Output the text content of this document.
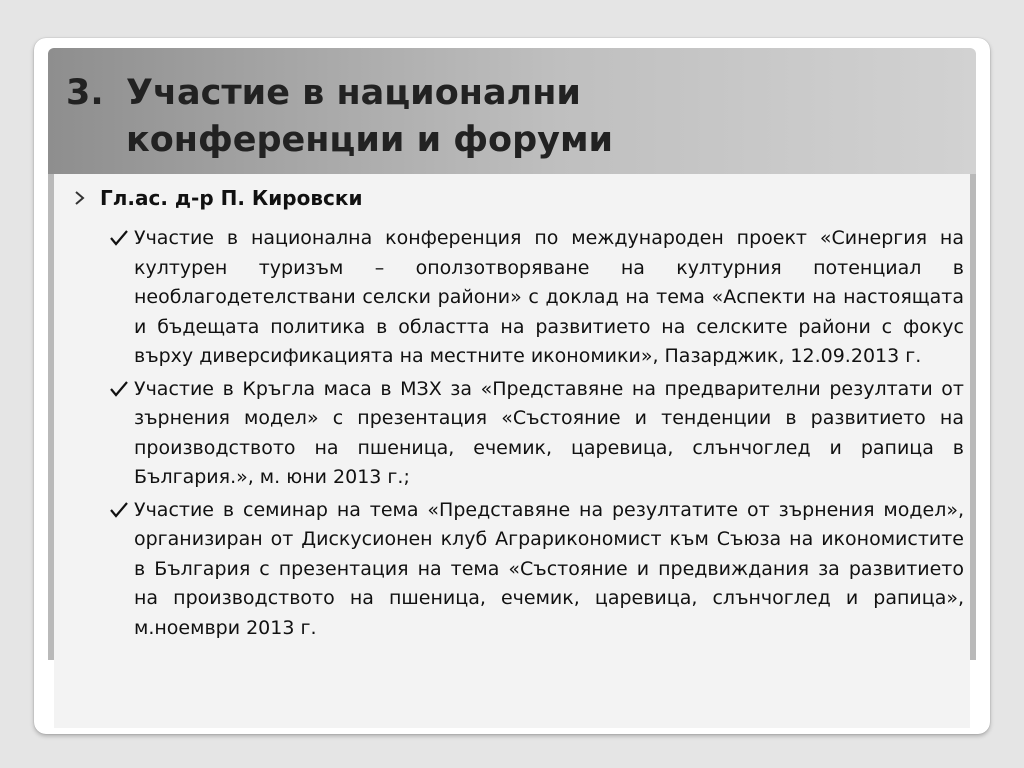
3. Участие в национални
конференции и форуми
Гл.ас. д-р П. Кировски

Участие в национална конференция по международен проект «Синергия на културен туризъм – оползотворяване на културния потенциал в необлагодетелствани селски райони» с доклад на тема «Аспекти на настоящата и бъдещата политика в областта на развитието на селските райони с фокус върху диверсификацията на местните икономики», Пазарджик, 12.09.2013 г.

Участие в Кръгла маса в МЗХ за «Представяне на предварителни резултати от зърнения модел» с презентация «Състояние и тенденции в развитието на производството на пшеница, ечемик, царевица, слънчоглед и рапица в България.», м. юни 2013 г.;

Участие в семинар на тема «Представяне на резултатите от зърнения модел», организиран от Дискусионен клуб Аграрикономист към Съюза на икономистите в България с презентация на тема «Състояние и предвиждания за развитието на производството на пшеница, ечемик, царевица, слънчоглед и рапица», м.ноември 2013 г.
